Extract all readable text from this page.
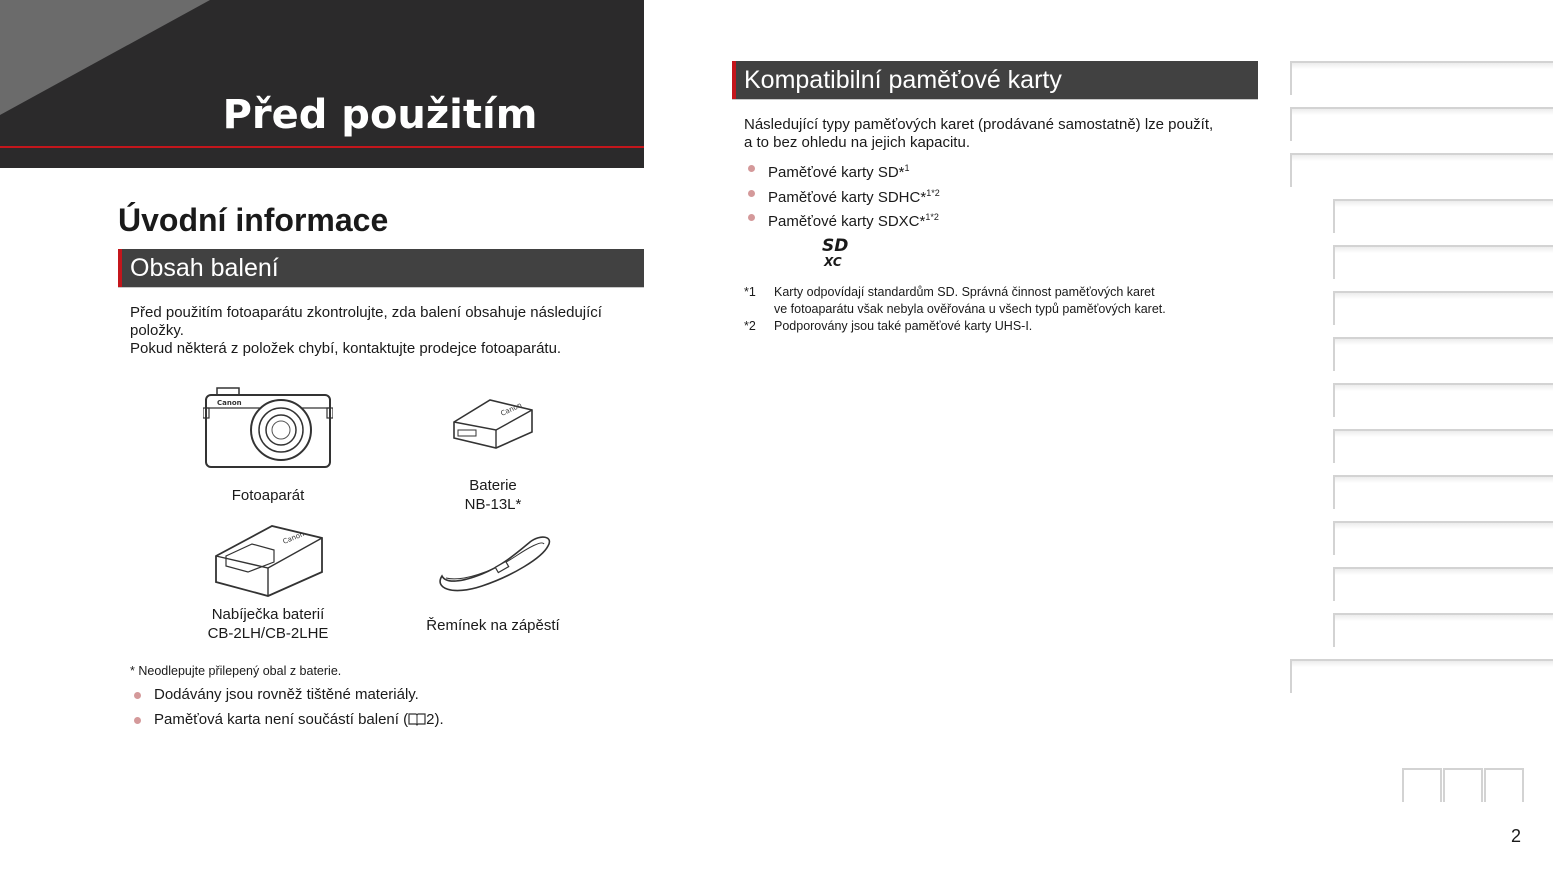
Před použitím
Úvodní informace
Obsah balení
Před použitím fotoaparátu zkontrolujte, zda balení obsahuje následující
položky.
Pokud některá z položek chybí, kontaktujte prodejce fotoaparátu.
Canon
Fotoaparát
Canon
Baterie
NB-13L*
Canon
Nabíječka baterií
CB-2LH/CB-2LHE	Řemínek na zápěstí
* Neodlepujte přilepený obal z baterie.
Dodávány jsou rovněž tištěné materiály.
Paměťová karta není součástí balení ( 2).
Kompatibilní paměťové karty
Následující typy paměťových karet (prodávané samostatně) lze použít,
a to bez ohledu na jejich kapacitu.
Paměťové karty SD*$^1$
Paměťové karty SDHC*$^{1*2}$
Paměťové karty SDXC*$^{1*2}$
SD
XC
*1	Karty odpovídají standardům SD. Správná činnost paměťových karet
ve fotoaparátu však nebyla ověřována u všech typů paměťových karet.
*2	Podporovány jsou také paměťové karty UHS-I.
2
